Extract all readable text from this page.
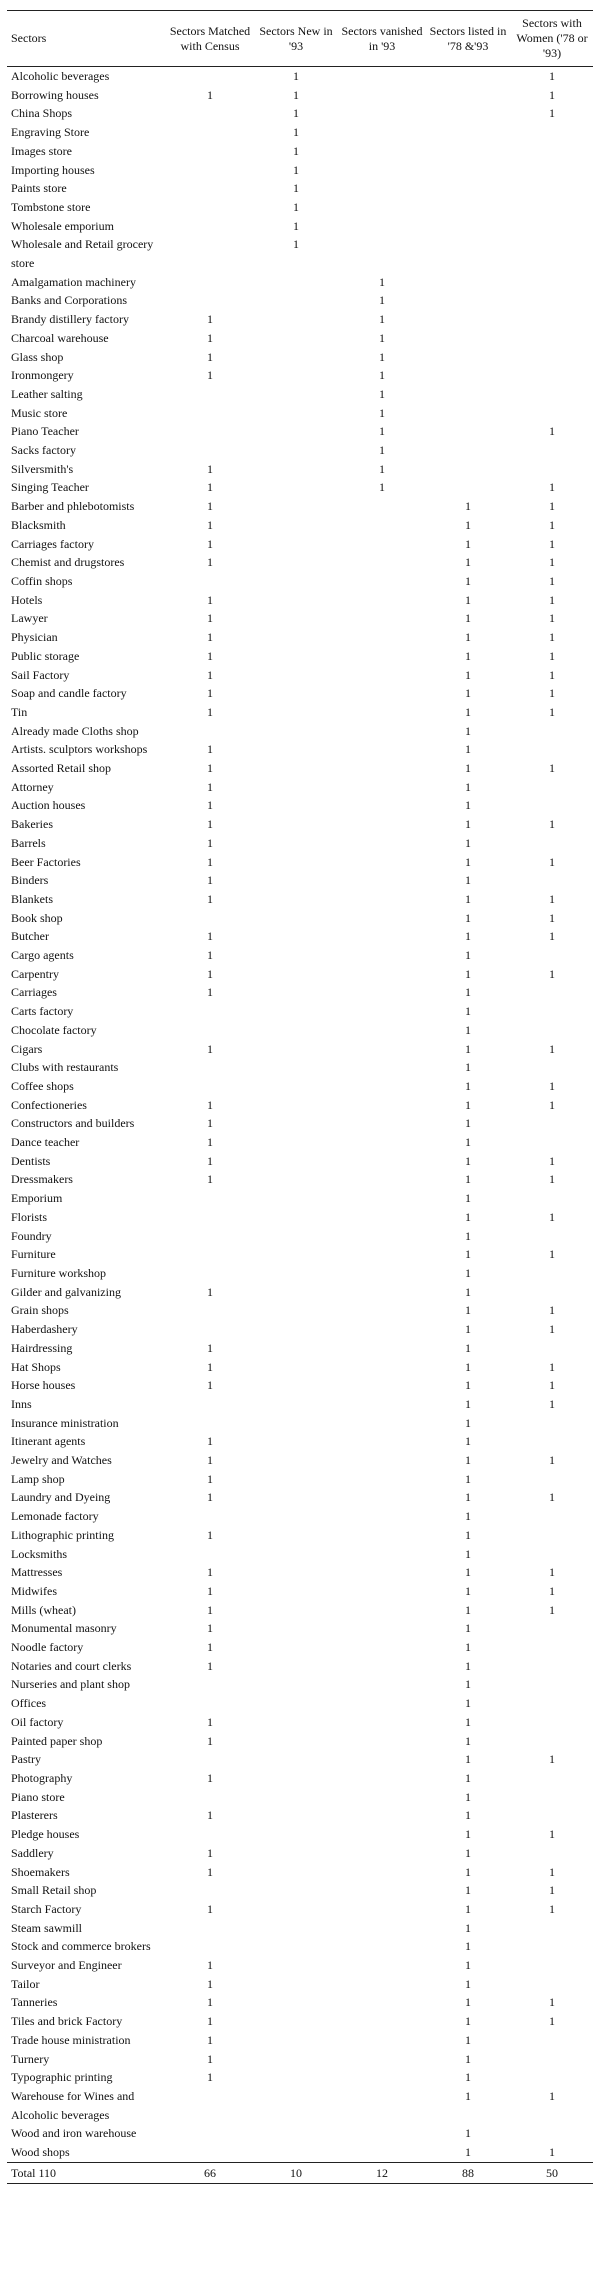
Sectors	Sectors Matched with Census	Sectors New in '93	Sectors vanished in '93	Sectors listed in '78 &'93	Sectors with Women ('78 or '93)
Alcoholic beverages		1			1
Borrowing houses	1	1			1
China Shops		1			1
Engraving Store		1			
Images store		1			
Importing houses		1			
Paints store		1			
Tombstone store		1			
Wholesale emporium		1			
Wholesale and Retail grocery store		1			
Amalgamation machinery			1		
Banks and Corporations			1		
Brandy distillery factory	1		1		
Charcoal warehouse	1		1		
Glass shop	1		1		
Ironmongery	1		1		
Leather salting			1		
Music store			1		
Piano Teacher			1		1
Sacks factory			1		
Silversmith's	1		1		
Singing Teacher	1		1		1
Barber and phlebotomists	1			1	1
Blacksmith	1			1	1
Carriages factory	1			1	1
Chemist and drugstores	1			1	1
Coffin shops				1	1
Hotels	1			1	1
Lawyer	1			1	1
Physician	1			1	1
Public storage	1			1	1
Sail Factory	1			1	1
Soap and candle factory	1			1	1
Tin	1			1	1
Already made Cloths shop				1	
Artists. sculptors workshops	1			1	
Assorted Retail shop	1			1	1
Attorney	1			1	
Auction houses	1			1	
Bakeries	1			1	1
Barrels	1			1	
Beer Factories	1			1	1
Binders	1			1	
Blankets	1			1	1
Book shop				1	1
Butcher	1			1	1
Cargo agents	1			1	
Carpentry	1			1	1
Carriages	1			1	
Carts factory				1	
Chocolate factory				1	
Cigars	1			1	1
Clubs with restaurants				1	
Coffee shops				1	1
Confectioneries	1			1	1
Constructors and builders	1			1	
Dance teacher	1			1	
Dentists	1			1	1
Dressmakers	1			1	1
Emporium				1	
Florists				1	1
Foundry				1	
Furniture				1	1
Furniture workshop				1	
Gilder and galvanizing	1			1	
Grain shops				1	1
Haberdashery				1	1
Hairdressing	1			1	
Hat Shops	1			1	1
Horse houses	1			1	1
Inns				1	1
Insurance ministration				1	
Itinerant agents	1			1	
Jewelry and Watches	1			1	1
Lamp shop	1			1	
Laundry and Dyeing	1			1	1
Lemonade factory				1	
Lithographic printing	1			1	
Locksmiths				1	
Mattresses	1			1	1
Midwifes	1			1	1
Mills (wheat)	1			1	1
Monumental masonry	1			1	
Noodle factory	1			1	
Notaries and court clerks	1			1	
Nurseries and plant shop				1	
Offices				1	
Oil factory	1			1	
Painted paper shop	1			1	
Pastry				1	1
Photography	1			1	
Piano store				1	
Plasterers	1			1	
Pledge houses				1	1
Saddlery	1			1	
Shoemakers	1			1	1
Small Retail shop				1	1
Starch Factory	1			1	1
Steam sawmill				1	
Stock and commerce brokers				1	
Surveyor and Engineer	1			1	
Tailor	1			1	
Tanneries	1			1	1
Tiles and brick Factory	1			1	1
Trade house ministration	1			1	
Turnery	1			1	
Typographic printing	1			1	
Warehouse for Wines and Alcoholic beverages				1	1
Wood and iron warehouse				1	
Wood shops				1	1
Total 110	66	10	12	88	50
